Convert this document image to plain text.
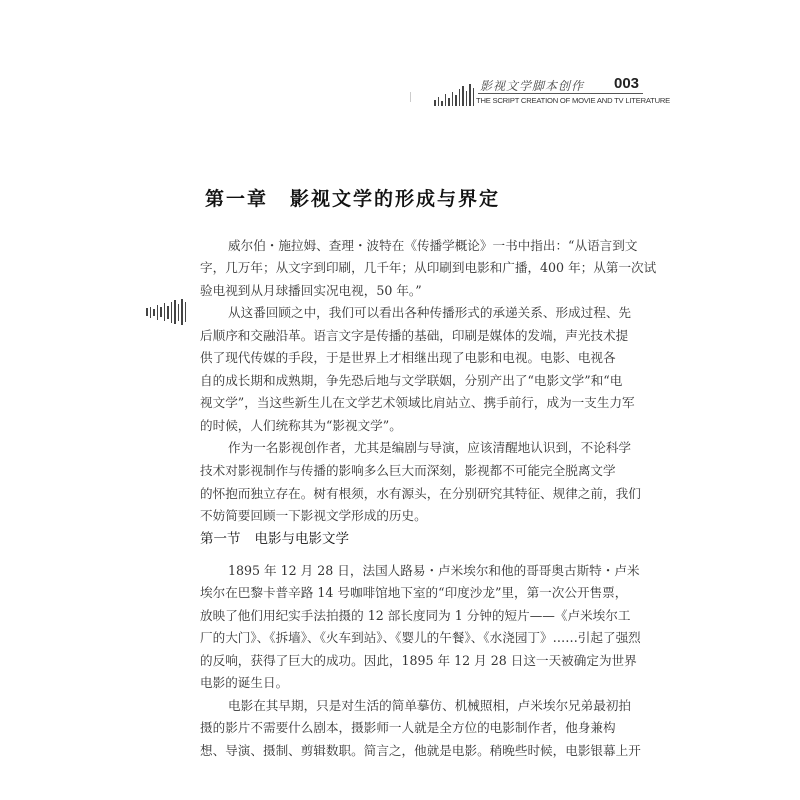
影视文学脚本创作 003
THE SCRIPT CREATION OF MOVIE AND TV LITERATURE
第一章 影视文学的形成与界定
威尔伯・施拉姆、查理・波特在《传播学概论》一书中指出：“从语言到文
字，几万年；从文字到印刷，几千年；从印刷到电影和广播，400 年；从第一次试
验电视到从月球播回实况电视，50 年。”
从这番回顾之中，我们可以看出各种传播形式的承递关系、形成过程、先
后顺序和交融沿革。语言文字是传播的基础，印刷是媒体的发端，声光技术提
供了现代传媒的手段，于是世界上才相继出现了电影和电视。电影、电视各
自的成长期和成熟期，争先恐后地与文学联姻，分别产出了“电影文学”和“电
视文学”，当这些新生儿在文学艺术领域比肩站立、携手前行，成为一支生力军
的时候，人们统称其为“影视文学”。
作为一名影视创作者，尤其是编剧与导演，应该清醒地认识到，不论科学
技术对影视制作与传播的影响多么巨大而深刻，影视都不可能完全脱离文学
的怀抱而独立存在。树有根须，水有源头，在分别研究其特征、规律之前，我们
第一节 电影与电影文学
1895 年 12 月 28 日，法国人路易・卢米埃尔和他的哥哥奥古斯特・卢米
埃尔在巴黎卡普辛路 14 号咖啡馆地下室的“印度沙龙”里，第一次公开售票，
放映了他们用纪实手法拍摄的 12 部长度同为 1 分钟的短片——《卢米埃尔工
厂的大门》、《拆墙》、《火车到站》、《婴儿的午餐》、《水浇园丁》……引起了强烈
的反响，获得了巨大的成功。因此，1895 年 12 月 28 日这一天被确定为世界
电影的诞生日。
电影在其早期，只是对生活的简单摹仿、机械照相，卢米埃尔兄弟最初拍
摄的影片不需要什么剧本，摄影师一人就是全方位的电影制作者，他身兼构
想、导演、摄制、剪辑数职。简言之，他就是电影。稍晚些时候，电影银幕上开
不妨简要回顾一下影视文学形成的历史。
